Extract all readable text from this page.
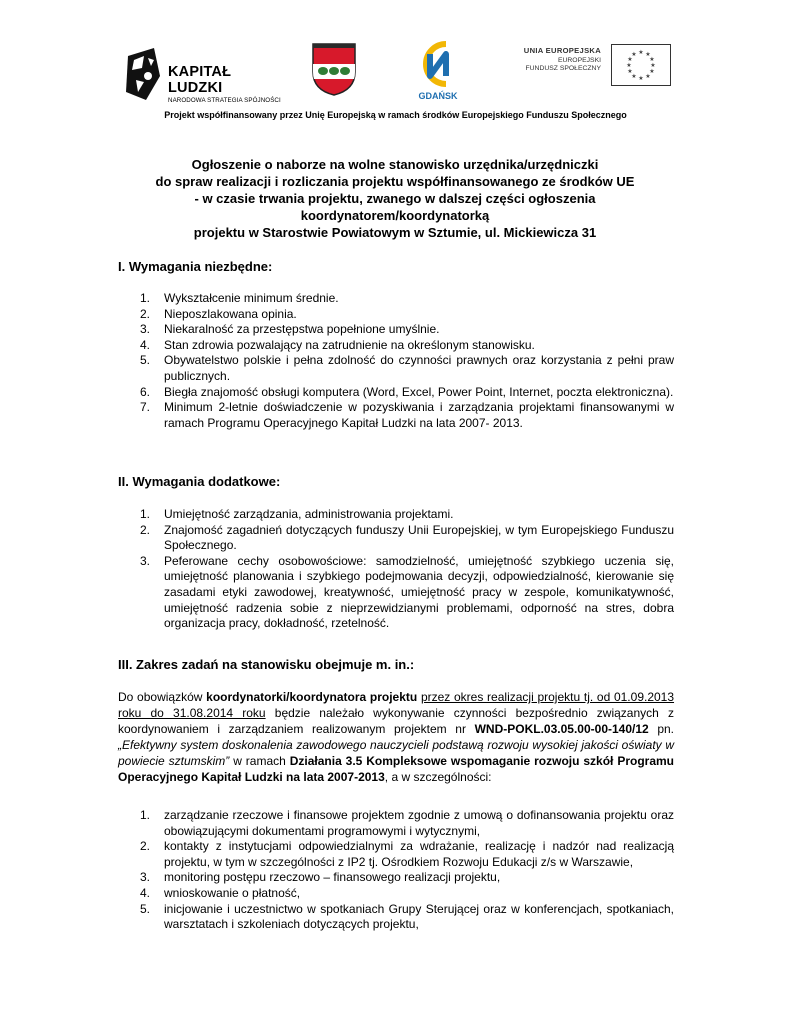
KAPITAŁ LUDZKI
NARODOWA STRATEGIA SPÓJNOŚCI	GDAŃSK
UNIA EUROPEJSKA
EUROPEJSKI
FUNDUSZ SPOŁECZNY
★ ★
★
★
★
★
★
★
★
★
★
★
Projekt współfinansowany przez Unię Europejską w ramach środków Europejskiego Funduszu Społecznego
Ogłoszenie o naborze na wolne stanowisko urzędnika/urzędniczki
do spraw realizacji i rozliczania projektu współfinansowanego ze środków UE
- w czasie trwania projektu, zwanego w dalszej części ogłoszenia koordynatorem/koordynatorką
projektu w Starostwie Powiatowym w Sztumie, ul. Mickiewicza 31
I. Wymagania niezbędne:
1. Wykształcenie minimum średnie.
2. Nieposzlakowana opinia.
3. Niekaralność za przestępstwa popełnione umyślnie.
4. Stan zdrowia pozwalający na zatrudnienie na określonym stanowisku.
5. Obywatelstwo polskie i pełna zdolność do czynności prawnych oraz korzystania z pełni praw publicznych.
6. Biegła znajomość obsługi komputera (Word, Excel, Power Point, Internet, poczta elektroniczna).
7. Minimum 2-letnie doświadczenie w pozyskiwania i zarządzania projektami finansowanymi w ramach Programu Operacyjnego Kapitał Ludzki na lata 2007- 2013.
II. Wymagania dodatkowe:
1. Umiejętność zarządzania, administrowania projektami.
2. Znajomość zagadnień dotyczących funduszy Unii Europejskiej, w tym Europejskiego Funduszu Społecznego.
3. Peferowane cechy osobowościowe: samodzielność, umiejętność szybkiego uczenia się, umiejętność planowania i szybkiego podejmowania decyzji, odpowiedzialność, kierowanie się zasadami etyki zawodowej, kreatywność, umiejętność pracy w zespole, komunikatywność, umiejętność radzenia sobie z nieprzewidzianymi problemami, odporność na stres, dobra organizacja pracy, dokładność, rzetelność.
III. Zakres zadań na stanowisku obejmuje m. in.:
Do obowiązków koordynatorki/koordynatora projektu przez okres realizacji projektu tj. od 01.09.2013 roku do 31.08.2014 roku będzie należało wykonywanie czynności bezpośrednio związanych z koordynowaniem i zarządzaniem realizowanym projektem nr WND-POKL.03.05.00-00-140/12 pn. „Efektywny system doskonalenia zawodowego nauczycieli podstawą rozwoju wysokiej jakości oświaty w powiecie sztumskim” w ramach Działania 3.5 Kompleksowe wspomaganie rozwoju szkół Programu Operacyjnego Kapitał Ludzki na lata 2007-2013, a w szczególności:
1. zarządzanie rzeczowe i finansowe projektem zgodnie z umową o dofinansowania projektu oraz obowiązującymi dokumentami programowymi i wytycznymi,
2. kontakty z instytucjami odpowiedzialnymi za wdrażanie, realizację i nadzór nad realizacją projektu, w tym w szczególności z IP2 tj. Ośrodkiem Rozwoju Edukacji z/s w Warszawie,
3. monitoring postępu rzeczowo – finansowego realizacji projektu,
4. wnioskowanie o płatność,
5. inicjowanie i uczestnictwo w spotkaniach Grupy Sterującej oraz w konferencjach, spotkaniach, warsztatach i szkoleniach dotyczących projektu,
